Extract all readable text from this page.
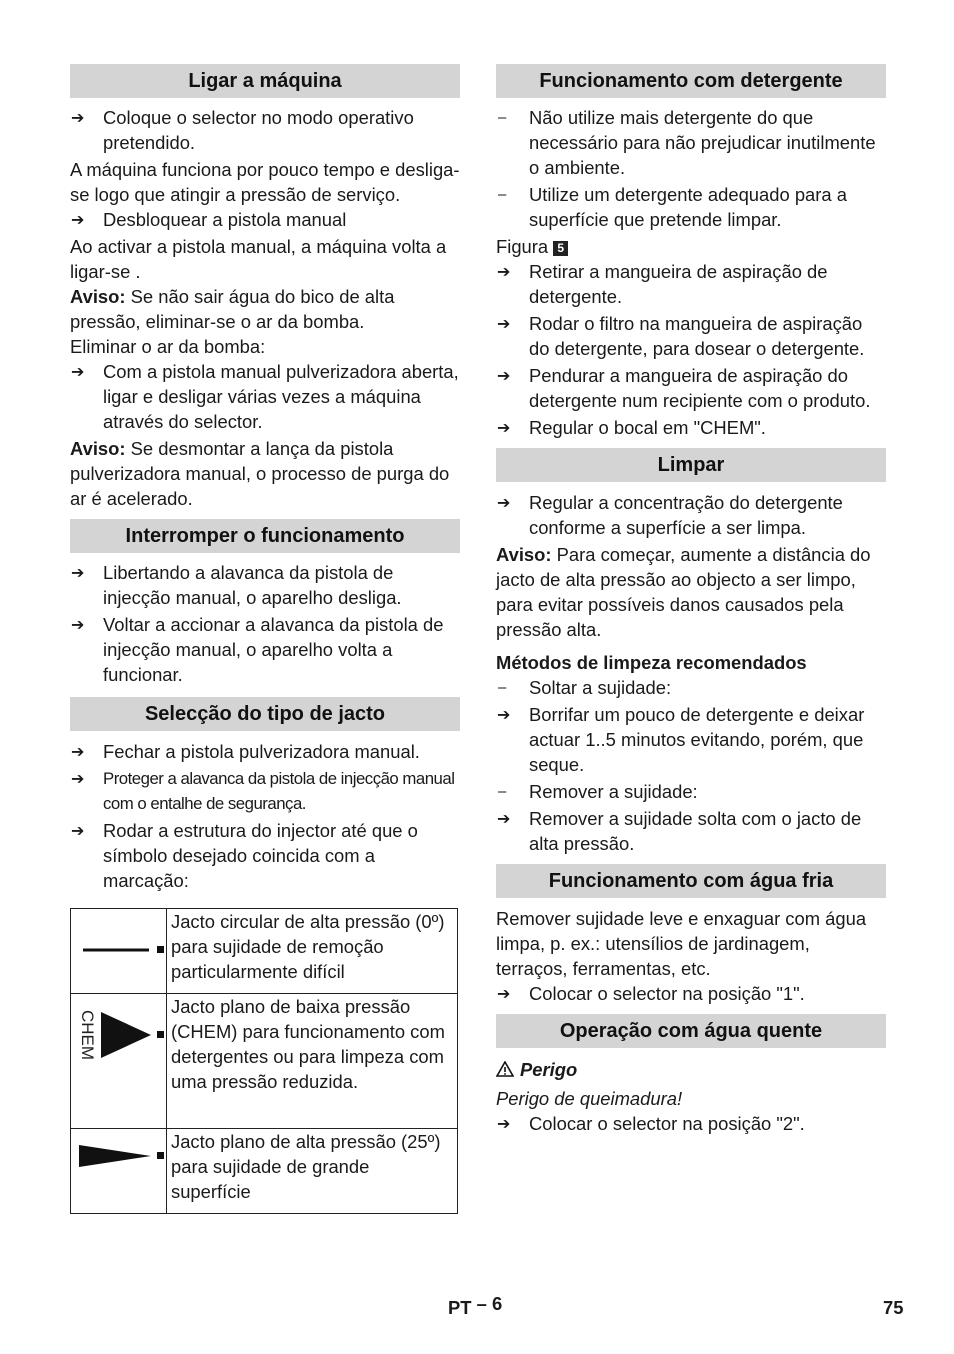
Ligar a máquina
➔ Coloque o selector no modo operativo pretendido.

A máquina funciona por pouco tempo e desliga-se logo que atingir a pressão de serviço.

➔ Desbloquear a pistola manual

Ao activar a pistola manual, a máquina volta a ligar-se .

Aviso: Se não sair água do bico de alta pressão, eliminar-se o ar da bomba.

Eliminar o ar da bomba:

➔ Com a pistola manual pulverizadora aberta, ligar e desligar várias vezes a máquina através do selector.

Aviso: Se desmontar a lança da pistola pulverizadora manual, o processo de purga do ar é acelerado.

Interromper o funcionamento
➔ Libertando a alavanca da pistola de injecção manual, o aparelho desliga.
➔ Voltar a accionar a alavanca da pistola de injecção manual, o aparelho volta a funcionar.
Selecção do tipo de jacto
➔ Fechar a pistola pulverizadora manual.
➔ Proteger a alavanca da pistola de injecção manual com o entalhe de segurança.
➔ Rodar a estrutura do injector até que o símbolo desejado coincida com a marcação:
	Jacto circular de alta pressão (0º) para sujidade de remoção particularmente difícil

CHEM	Jacto plano de baixa pressão (CHEM) para funcionamento com detergentes ou para limpeza com uma pressão reduzida.
	Jacto plano de alta pressão (25º) para sujidade de grande superfície
Funcionamento com detergente
– Não utilize mais detergente do que necessário para não prejudicar inutilmente o ambiente.
– Utilize um detergente adequado para a superfície que pretende limpar.

Figura 5

➔ Retirar a mangueira de aspiração de detergente.
➔ Rodar o filtro na mangueira de aspiração do detergente, para dosear o detergente.
➔ Pendurar a mangueira de aspiração do detergente num recipiente com o produto.
➔ Regular o bocal em "CHEM".
Limpar
➔ Regular a concentração do detergente conforme a superfície a ser limpa.

Aviso: Para começar, aumente a distância do jacto de alta pressão ao objecto a ser limpo, para evitar possíveis danos causados pela pressão alta.

Métodos de limpeza recomendados
– Soltar a sujidade:
➔ Borrifar um pouco de detergente e deixar actuar 1..5 minutos evitando, porém, que seque.
– Remover a sujidade:
➔ Remover a sujidade solta com o jacto de alta pressão.
Funcionamento com água fria

Remover sujidade leve e enxaguar com água limpa, p. ex.: utensílios de jardinagem, terraços, ferramentas, etc.

➔ Colocar o selector na posição "1".
Operação com água quente

Perigo

Perigo de queimadura!

➔ Colocar o selector na posição "2".
PT – 6	75
